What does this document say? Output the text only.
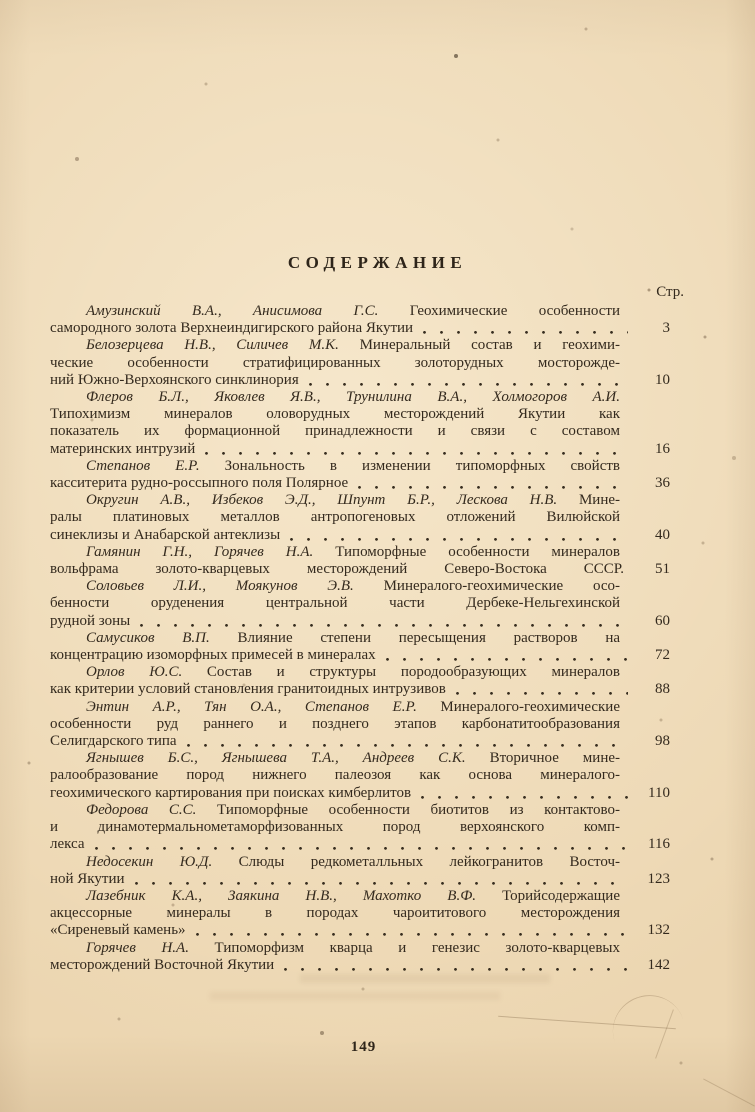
СОДЕРЖАНИЕ
Стр.
Амузинский В.А., Анисимова Г.С. Геохимические особенности
самородного золота Верхнеиндигирского района Якутии	3
Белозерцева Н.В., Силичев М.К. Минеральный состав и геохими-
ческие особенности стратифицированных золоторудных мосторожде-
ний Южно-Верхоянского синклинория	10
Флеров Б.Л., Яковлев Я.В., Трунилина В.А., Холмогоров А.И.
Типохимизм минералов оловорудных месторождений Якутии как
показатель их формационной принадлежности и связи с составом
материнских интрузий	16
Степанов Е.Р. Зональность в изменении типоморфных свойств
касситерита рудно-россыпного поля Полярное	36
Округин А.В., Избеков Э.Д., Шпунт Б.Р., Лескова Н.В. Мине-
ралы платиновых металлов антропогеновых отложений Вилюйской
синеклизы и Анабарской антеклизы	40
Гамянин Г.Н., Горячев Н.А. Типоморфные особенности минералов
вольфрама золото-кварцевых месторождений Северо-Востока СССР.	51
Соловьев Л.И., Моякунов Э.В. Минералого-геохимические осо-
бенности оруденения центральной части Дербеке-Нельгехинской
рудной зоны	60
Самусиков В.П. Влияние степени пересыщения растворов на
концентрацию изоморфных примесей в минералах	72
Орлов Ю.С. Состав и структуры породообразующих минералов
как критерии условий становления гранитоидных интрузивов	88
Энтин А.Р., Тян О.А., Степанов Е.Р. Минералого-геохимические
особенности руд раннего и позднего этапов карбонатитообразования
Селигдарского типа	98
Ягнышев Б.С., Ягнышева Т.А., Андреев С.К. Вторичное мине-
ралообразование пород нижнего палеозоя как основа минералого-
геохимического картирования при поисках кимберлитов	110
Федорова С.С. Типоморфные особенности биотитов из контактово-
и динамотермальнометаморфизованных пород верхоянского комп-
лекса	116
Недосекин Ю.Д. Слюды редкометалльных лейкогранитов Восточ-
ной Якутии	123
Лазебник К.А., Заякина Н.В., Махотко В.Ф. Торийсодержащие
акцессорные минералы в породах чароититового месторождения
«Сиреневый камень»	132
Горячев Н.А. Типоморфизм кварца и генезис золото-кварцевых
месторождений Восточной Якутии	142
149
